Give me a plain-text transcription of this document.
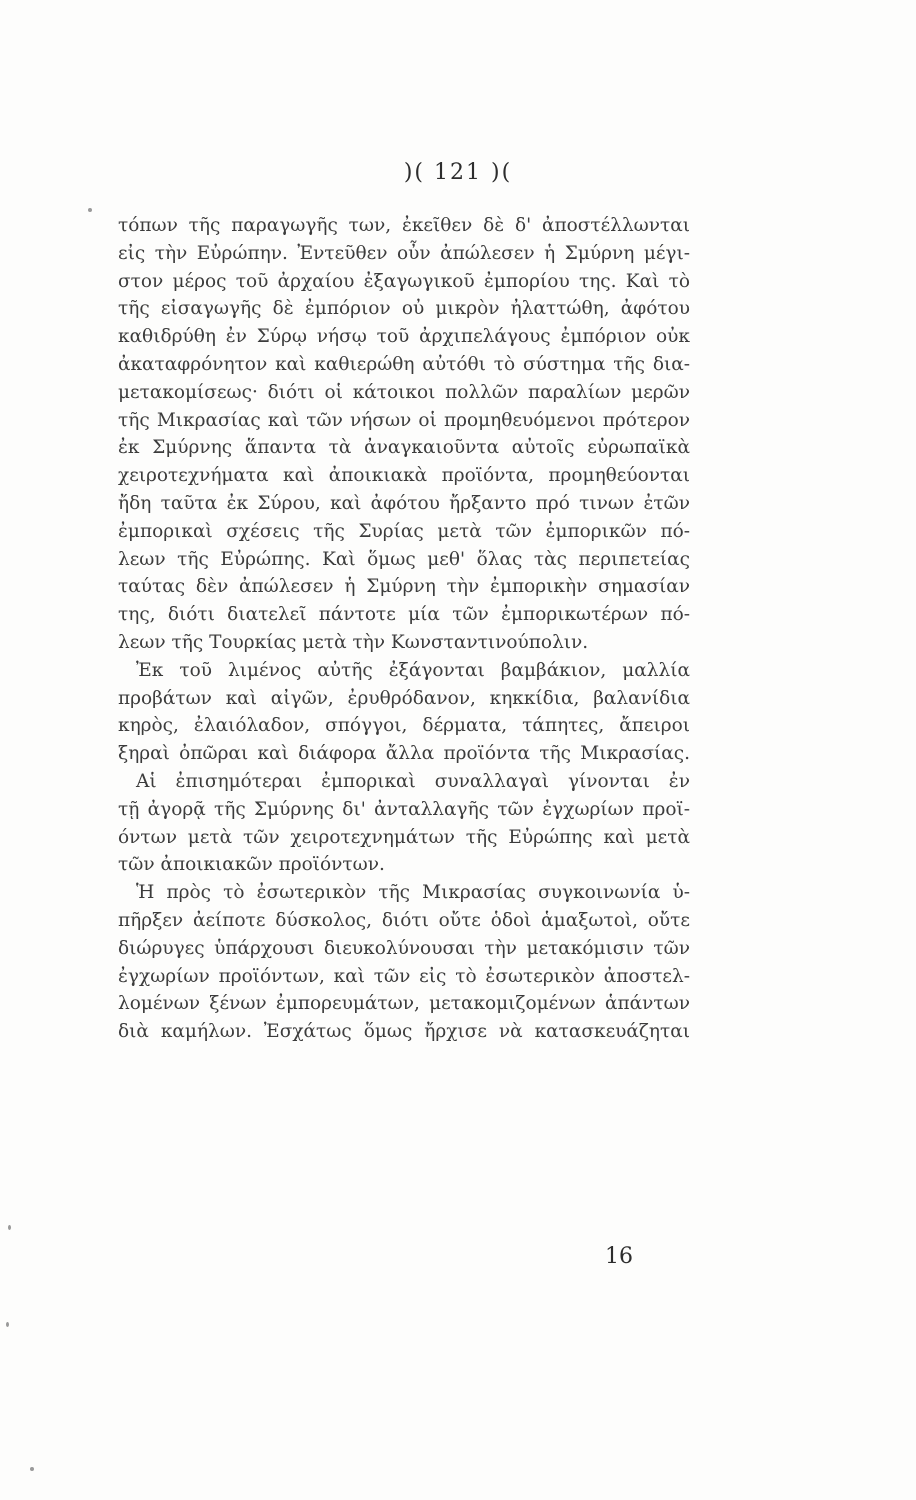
)( 121 )(
τόπων τῆς παραγωγῆς των, ἐκεῖθεν δὲ δ' ἀποστέλλωνται
εἰς τὴν Εὐρώπην. Ἐντεῦθεν οὖν ἀπώλεσεν ἡ Σμύρνη μέγι-
στον μέρος τοῦ ἀρχαίου ἐξαγωγικοῦ ἐμπορίου της. Καὶ τὸ
τῆς εἰσαγωγῆς δὲ ἐμπόριον οὐ μικρὸν ἠλαττώθη, ἀφότου
καθιδρύθη ἐν Σύρῳ νήσῳ τοῦ ἀρχιπελάγους ἐμπόριον οὐκ
ἀκαταφρόνητον καὶ καθιερώθη αὐτόθι τὸ σύστημα τῆς δια-
μετακομίσεως· διότι οἱ κάτοικοι πολλῶν παραλίων μερῶν
τῆς Μικρασίας καὶ τῶν νήσων οἱ προμηθευόμενοι πρότερον
ἐκ Σμύρνης ἅπαντα τὰ ἀναγκαιοῦντα αὐτοῖς εὐρωπαϊκὰ
χειροτεχνήματα καὶ ἀποικιακὰ προϊόντα, προμηθεύονται
ἤδη ταῦτα ἐκ Σύρου, καὶ ἀφότου ἤρξαντο πρό τινων ἐτῶν
ἐμπορικαὶ σχέσεις τῆς Συρίας μετὰ τῶν ἐμπορικῶν πό-
λεων τῆς Εὐρώπης. Καὶ ὅμως μεθ' ὅλας τὰς περιπετείας
ταύτας δὲν ἀπώλεσεν ἡ Σμύρνη τὴν ἐμπορικὴν σημασίαν
της, διότι διατελεῖ πάντοτε μία τῶν ἐμπορικωτέρων πό-
λεων τῆς Τουρκίας μετὰ τὴν Κωνσταντινούπολιν.
Ἐκ τοῦ λιμένος αὐτῆς ἐξάγονται βαμβάκιον, μαλλία
προβάτων καὶ αἰγῶν, ἐρυθρόδανον, κηκκίδια, βαλανίδια
κηρὸς, ἐλαιόλαδον, σπόγγοι, δέρματα, τάπητες, ἄπειροι
ξηραὶ ὀπῶραι καὶ διάφορα ἄλλα προϊόντα τῆς Μικρασίας.
Αἱ ἐπισημότεραι ἐμπορικαὶ συναλλαγαὶ γίνονται ἐν
τῇ ἀγορᾷ τῆς Σμύρνης δι' ἀνταλλαγῆς τῶν ἐγχωρίων προϊ-
όντων μετὰ τῶν χειροτεχνημάτων τῆς Εὐρώπης καὶ μετὰ
τῶν ἀποικιακῶν προϊόντων.
Ἡ πρὸς τὸ ἐσωτερικὸν τῆς Μικρασίας συγκοινωνία ὑ-
πῆρξεν ἀείποτε δύσκολος, διότι οὔτε ὁδοὶ ἁμαξωτοὶ, οὔτε
διώρυγες ὑπάρχουσι διευκολύνουσαι τὴν μετακόμισιν τῶν
ἐγχωρίων προϊόντων, καὶ τῶν εἰς τὸ ἐσωτερικὸν ἀποστελ-
λομένων ξένων ἐμπορευμάτων, μετακομιζομένων ἁπάντων
διὰ καμήλων. Ἐσχάτως ὅμως ἤρχισε νὰ κατασκευάζηται
16
